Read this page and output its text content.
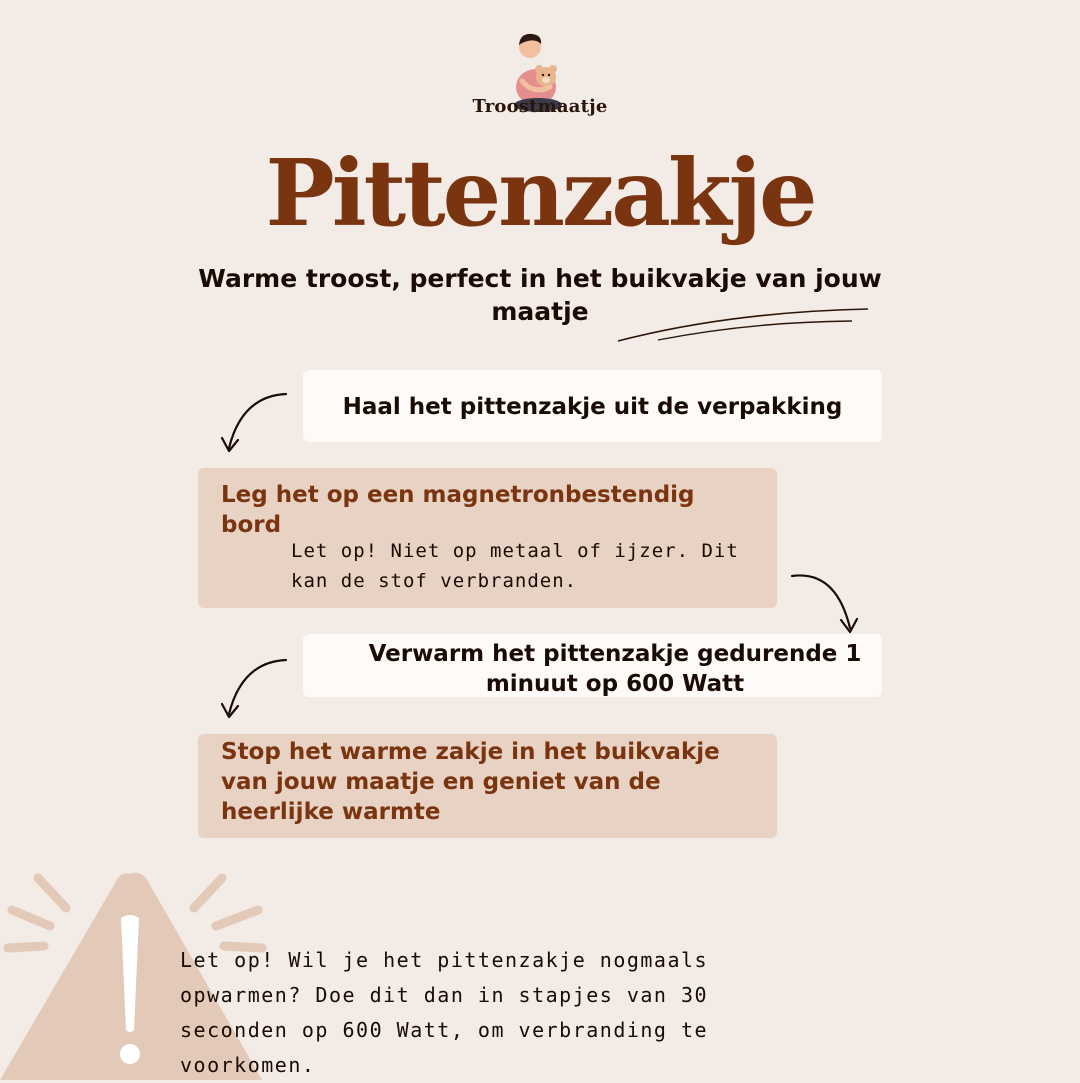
Troostmaatje
Pittenzakje
Warme troost, perfect in het buikvakje van jouw maatje
Haal het pittenzakje uit de verpakking
Leg het op een magnetronbestendig bord
Let op! Niet op metaal of ijzer. Dit kan de stof verbranden.
Verwarm het pittenzakje gedurende 1 minuut op 600 Watt
Stop het warme zakje in het buikvakje van jouw maatje en geniet van de heerlijke warmte
Let op! Wil je het pittenzakje nogmaals opwarmen? Doe dit dan in stapjes van 30 seconden op 600 Watt, om verbranding te voorkomen.
